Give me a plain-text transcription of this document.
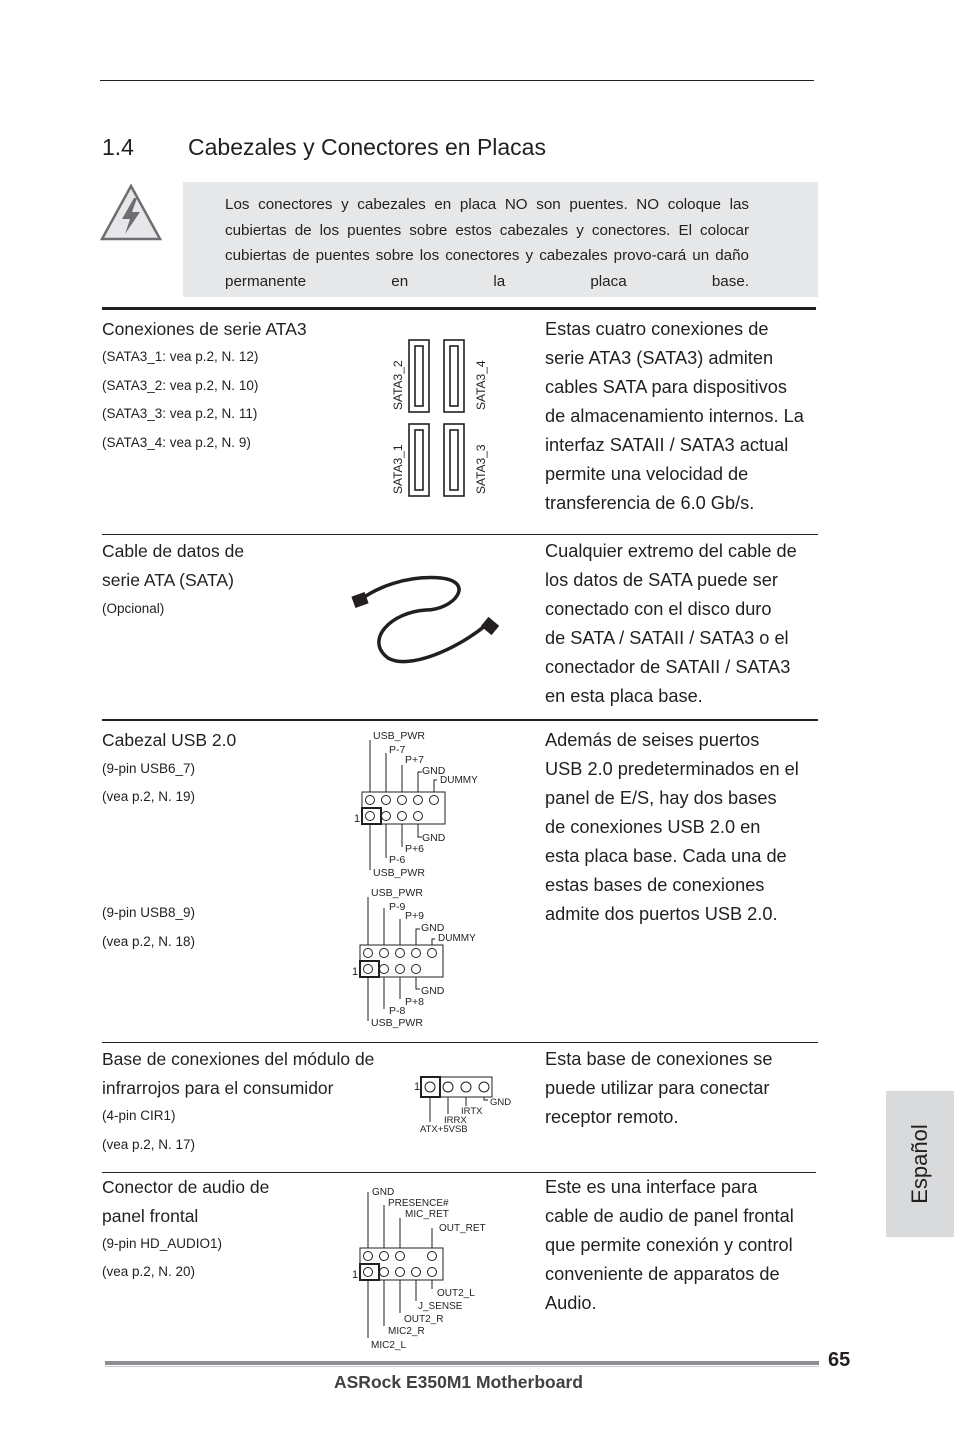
1.4 Cabezales y Conectores en Placas
Los conectores y cabezales en placa NO son puentes. NO coloque las cubiertas de los puentes sobre estos cabezales y conectores. El colocar cubiertas de puentes sobre los conectores y cabezales provo-cará un daño permanente en la placa base.
Conexiones de serie ATA3
(SATA3_1: vea p.2, N. 12)
(SATA3_2: vea p.2, N. 10)
(SATA3_3: vea p.2, N. 11)
(SATA3_4: vea p.2, N. 9)
SATA3_2	SATA3_4
SATA3_1	SATA3_3
Estas cuatro conexiones de
serie ATA3 (SATA3) admiten
cables SATA para dispositivos
de almacenamiento internos. La
interfaz SATAII / SATA3 actual
permite una velocidad de
transferencia de 6.0 Gb/s.
Cable de datos de
serie ATA (SATA)
(Opcional)
Cualquier extremo del cable de
los datos de SATA puede ser
conectado con el disco duro
de SATA / SATAII / SATA3 o el
conectador de SATAII / SATA3
en esta placa base.
Cabezal USB 2.0
(9-pin USB6_7)
(vea p.2, N. 19)
(9-pin USB8_9)
(vea p.2, N. 18)
USB_PWR
P-7
P+7
GND
DUMMY
1
GND
P+6
P-6
USB_PWR
USB_PWR
P-9
P+9
GND
DUMMY
1
GND
P+8
P-8
USB_PWR
Además de seises puertos
USB 2.0 predeterminados en el
panel de E/S, hay dos bases
de conexiones USB 2.0 en
esta placa base. Cada una de
estas bases de conexiones
admite dos puertos USB 2.0.
Base de conexiones del módulo de
infrarrojos para el consumidor
(4-pin CIR1)
(vea p.2, N. 17)
1
GND
IRTX
IRRX
ATX+5VSB
Esta base de conexiones se
puede utilizar para conectar
receptor remoto.
Conector de audio de
panel frontal
(9-pin HD_AUDIO1)
(vea p.2, N. 20)
GND
PRESENCE#
MIC_RET
OUT_RET
1
OUT2_L
J_SENSE
OUT2_R
MIC2_R
MIC2_L
Este es una interface para
cable de audio de panel frontal
que permite conexión y control
conveniente de apparatos de
Audio.
Español
65
ASRock E350M1 Motherboard
